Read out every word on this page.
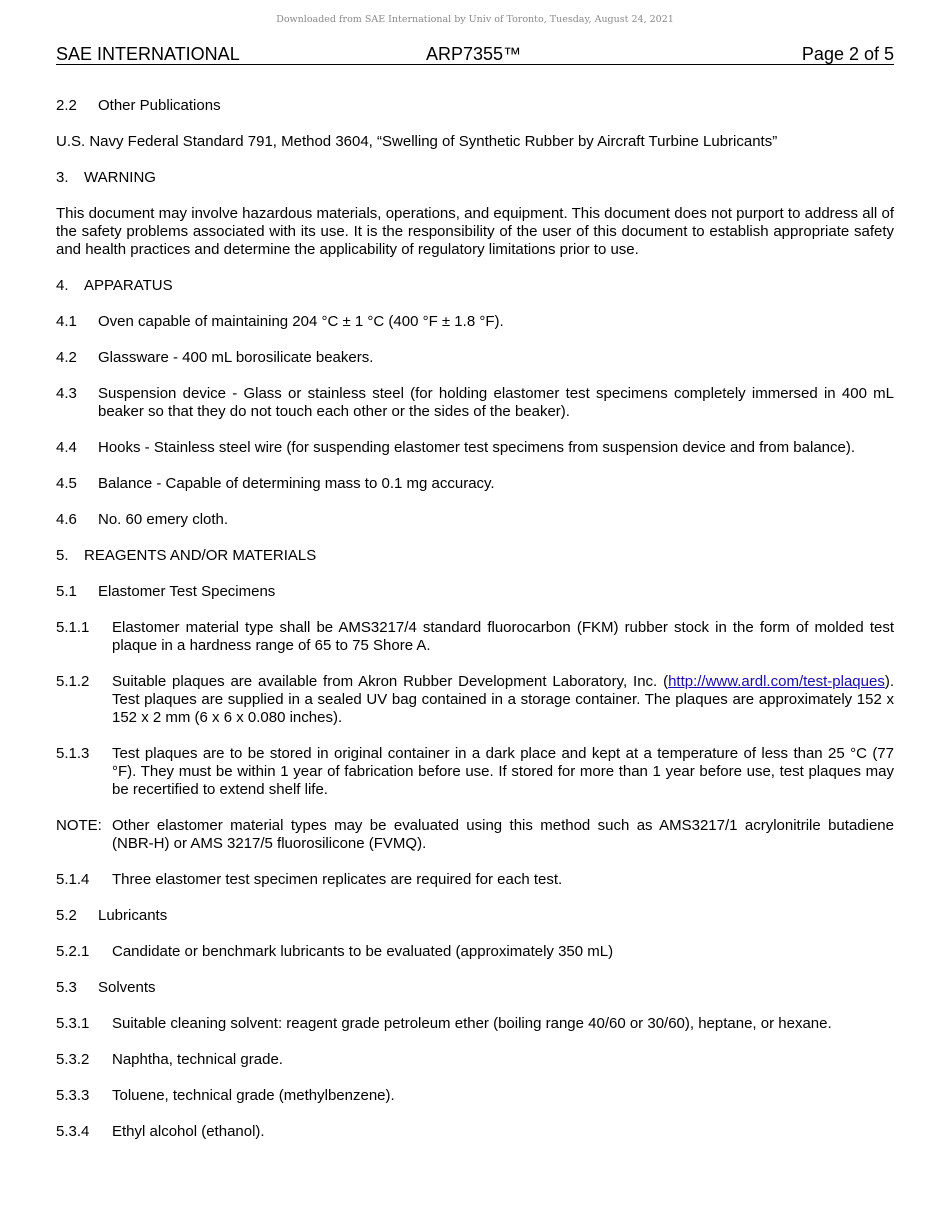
Downloaded from SAE International by Univ of Toronto, Tuesday, August 24, 2021
SAE INTERNATIONAL	ARP7355™	Page 2 of 5
2.2	Other Publications

U.S. Navy Federal Standard 791, Method 3604, “Swelling of Synthetic Rubber by Aircraft Turbine Lubricants”

3.	WARNING

This document may involve hazardous materials, operations, and equipment. This document does not purport to address all of the safety problems associated with its use. It is the responsibility of the user of this document to establish appropriate safety and health practices and determine the applicability of regulatory limitations prior to use.

4.	APPARATUS
4.1	Oven capable of maintaining 204 °C ± 1 °C (400 °F ± 1.8 °F).
4.2	Glassware - 400 mL borosilicate beakers.
4.3	Suspension device - Glass or stainless steel (for holding elastomer test specimens completely immersed in 400 mL beaker so that they do not touch each other or the sides of the beaker).
4.4	Hooks - Stainless steel wire (for suspending elastomer test specimens from suspension device and from balance).
4.5	Balance - Capable of determining mass to 0.1 mg accuracy.
4.6	No. 60 emery cloth.
5.	REAGENTS AND/OR MATERIALS
5.1	Elastomer Test Specimens
5.1.1	Elastomer material type shall be AMS3217/4 standard fluorocarbon (FKM) rubber stock in the form of molded test plaque in a hardness range of 65 to 75 Shore A.
5.1.2	Suitable plaques are available from Akron Rubber Development Laboratory, Inc. (http://www.ardl.com/test-plaques). Test plaques are supplied in a sealed UV bag contained in a storage container. The plaques are approximately 152 x 152 x 2 mm (6 x 6 x 0.080 inches).
5.1.3	Test plaques are to be stored in original container in a dark place and kept at a temperature of less than 25 °C (77 °F). They must be within 1 year of fabrication before use. If stored for more than 1 year before use, test plaques may be recertified to extend shelf life.
NOTE: Other elastomer material types may be evaluated using this method such as AMS3217/1 acrylonitrile butadiene (NBR-H) or AMS 3217/5 fluorosilicone (FVMQ).
5.1.4	Three elastomer test specimen replicates are required for each test.
5.2	Lubricants
5.2.1	Candidate or benchmark lubricants to be evaluated (approximately 350 mL)
5.3	Solvents
5.3.1	Suitable cleaning solvent: reagent grade petroleum ether (boiling range 40/60 or 30/60), heptane, or hexane.
5.3.2	Naphtha, technical grade.
5.3.3	Toluene, technical grade (methylbenzene).
5.3.4	Ethyl alcohol (ethanol).
